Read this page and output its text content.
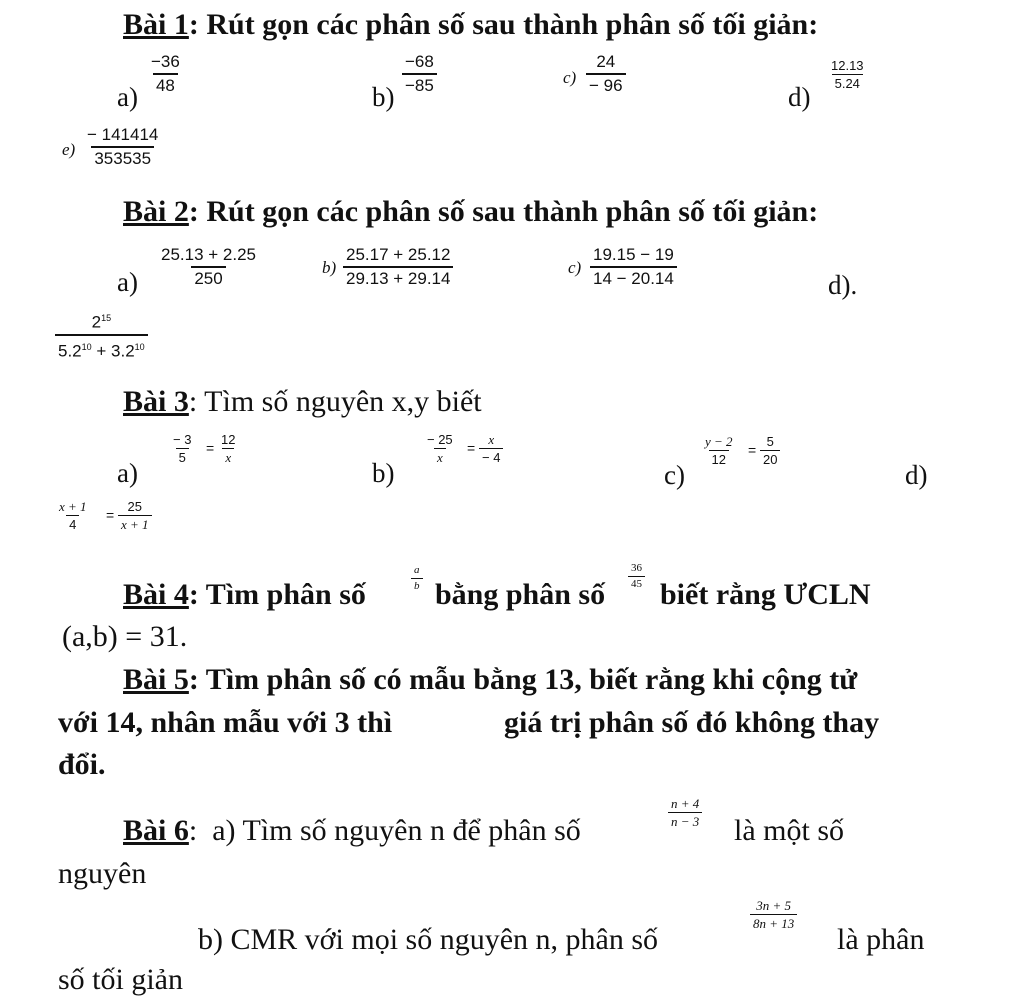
Bài 1: Rút gọn các phân số sau thành phân số tối giản:
a)
$\frac{-36}{48}$
b)
$\frac{-68}{-85}$	$c) \frac{24}{- 96}$
d)
$\frac{12.13}{5.24}$
$e) \frac{- 141414}{353535}$
Bài 2: Rút gọn các phân số sau thành phân số tối giản:
$a) \frac{25.13 + 2.25}{250}$	$b) \frac{25.17 + 25.12}{29.13 + 29.14}$	$c) \frac{19.15 - 19}{14 - 20.14}$	d).
$\frac{2^{15}}{5.2^{10} + 3.2^{10}}$
Bài 3: Tìm số nguyên x,y biết
a)
$\frac{- 3}{5} = \frac{12}{x}$
b)
$\frac{- 25}{x} = \frac{x}{- 4}$
c)
$\frac{y - 2}{12} = \frac{5}{20}$
d)
$\frac{x + 1}{4} = \frac{25}{x + 1}$
Bài 4: Tìm phân số	$\frac{a}{b}$ bằng phân số
$\frac{36}{45}$
biết rằng ƯCLN
(a,b) = 31.
Bài 5: Tìm phân số có mẫu bằng 13, biết rằng khi cộng tử
với 14, nhân mẫu với 3 thì	giá trị phân số đó không thay
đổi.
Bài 6:  a) Tìm số nguyên n để phân số
$\frac{n + 4}{n - 3}$
là một số
nguyên
b) CMR với mọi số nguyên n, phân số
$\frac{3n + 5}{8n + 13}$
là phân
số tối giản
